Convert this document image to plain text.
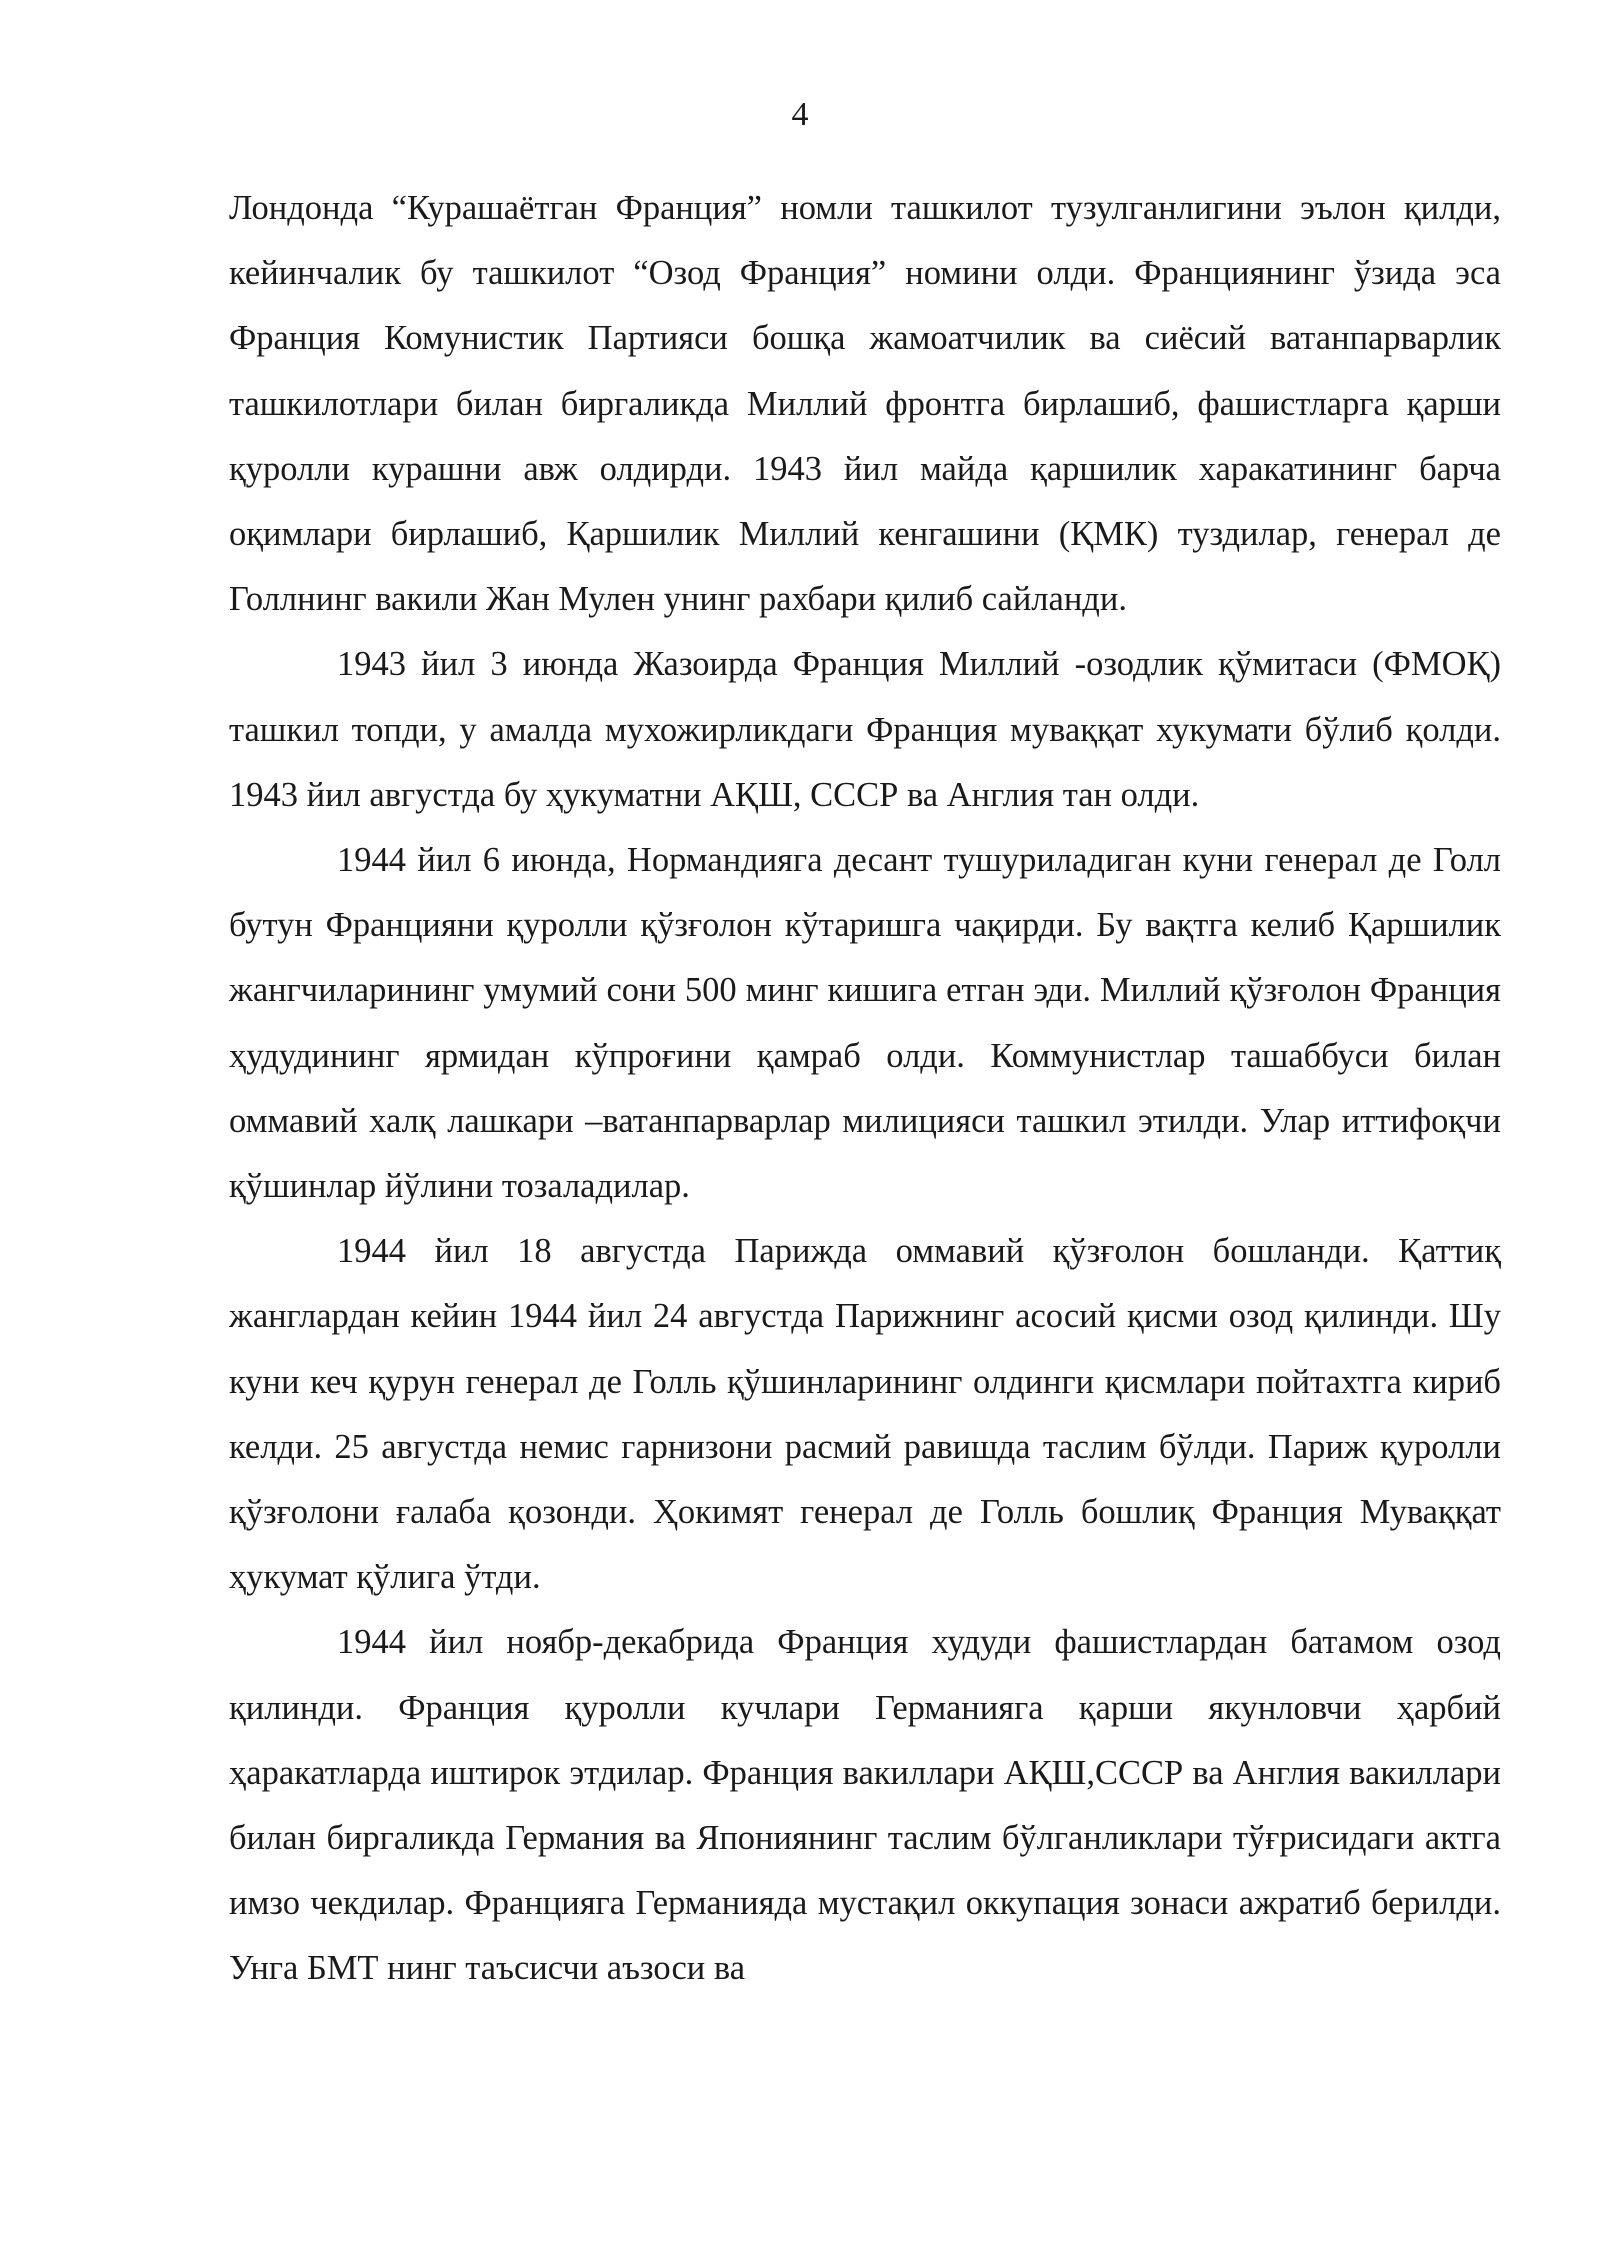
4

Лондонда “Курашаётган Франция” номли ташкилот тузулганлигини эълон қилди, кейинчалик бу ташкилот “Озод Франция” номини олди. Франциянинг ўзида эса Франция Комунистик Партияси бошқа жамоатчилик ва сиёсий ватанпарварлик ташкилотлари билан биргаликда Миллий фронтга бирлашиб, фашистларга қарши қуролли курашни авж олдирди. 1943 йил майда қаршилик харакатининг барча оқимлари бирлашиб, Қаршилик Миллий кенгашини (ҚМК) туздилар, генерал де Голлнинг вакили Жан Мулен унинг рахбари қилиб сайланди.

1943 йил 3 июнда Жазоирда Франция Миллий -озодлик қўмитаси (ФМОҚ) ташкил топди, у амалда мухожирликдаги Франция муваққат хукумати бўлиб қолди. 1943 йил августда бу ҳукуматни АҚШ, СССР ва Англия тан олди.

1944 йил 6 июнда, Нормандияга десант тушуриладиган куни генерал де Голл бутун Францияни қуролли қўзғолон кўтаришга чақирди. Бу вақтга келиб Қаршилик жангчиларининг умумий сони 500 минг кишига етган эди. Миллий қўзғолон Франция ҳудудининг ярмидан кўпроғини қамраб олди. Коммунистлар ташаббуси билан оммавий халқ лашкари –ватанпарварлар милицияси ташкил этилди. Улар иттифоқчи қўшинлар йўлини тозаладилар.

1944 йил 18 августда Парижда оммавий қўзғолон бошланди. Қаттиқ жанглардан кейин 1944 йил 24 августда Парижнинг асосий қисми озод қилинди. Шу куни кеч қурун генерал де Голль қўшинларининг олдинги қисмлари пойтахтга кириб келди. 25 августда немис гарнизони расмий равишда таслим бўлди. Париж қуролли қўзғолони ғалаба қозонди. Ҳокимят генерал де Голль бошлиқ Франция Муваққат ҳукумат қўлига ўтди.

1944 йил ноябр-декабрида Франция худуди фашистлардан батамом озод қилинди. Франция қуролли кучлари Германияга қарши якунловчи ҳарбий ҳаракатларда иштирок этдилар. Франция вакиллари АҚШ,СССР ва Англия вакиллари билан биргаликда Германия ва Япониянинг таслим бўлганликлари тўғрисидаги актга имзо чекдилар. Францияга Германияда мустақил оккупация зонаси ажратиб берилди. Унга БМТ нинг таъсисчи аъзоси ва
